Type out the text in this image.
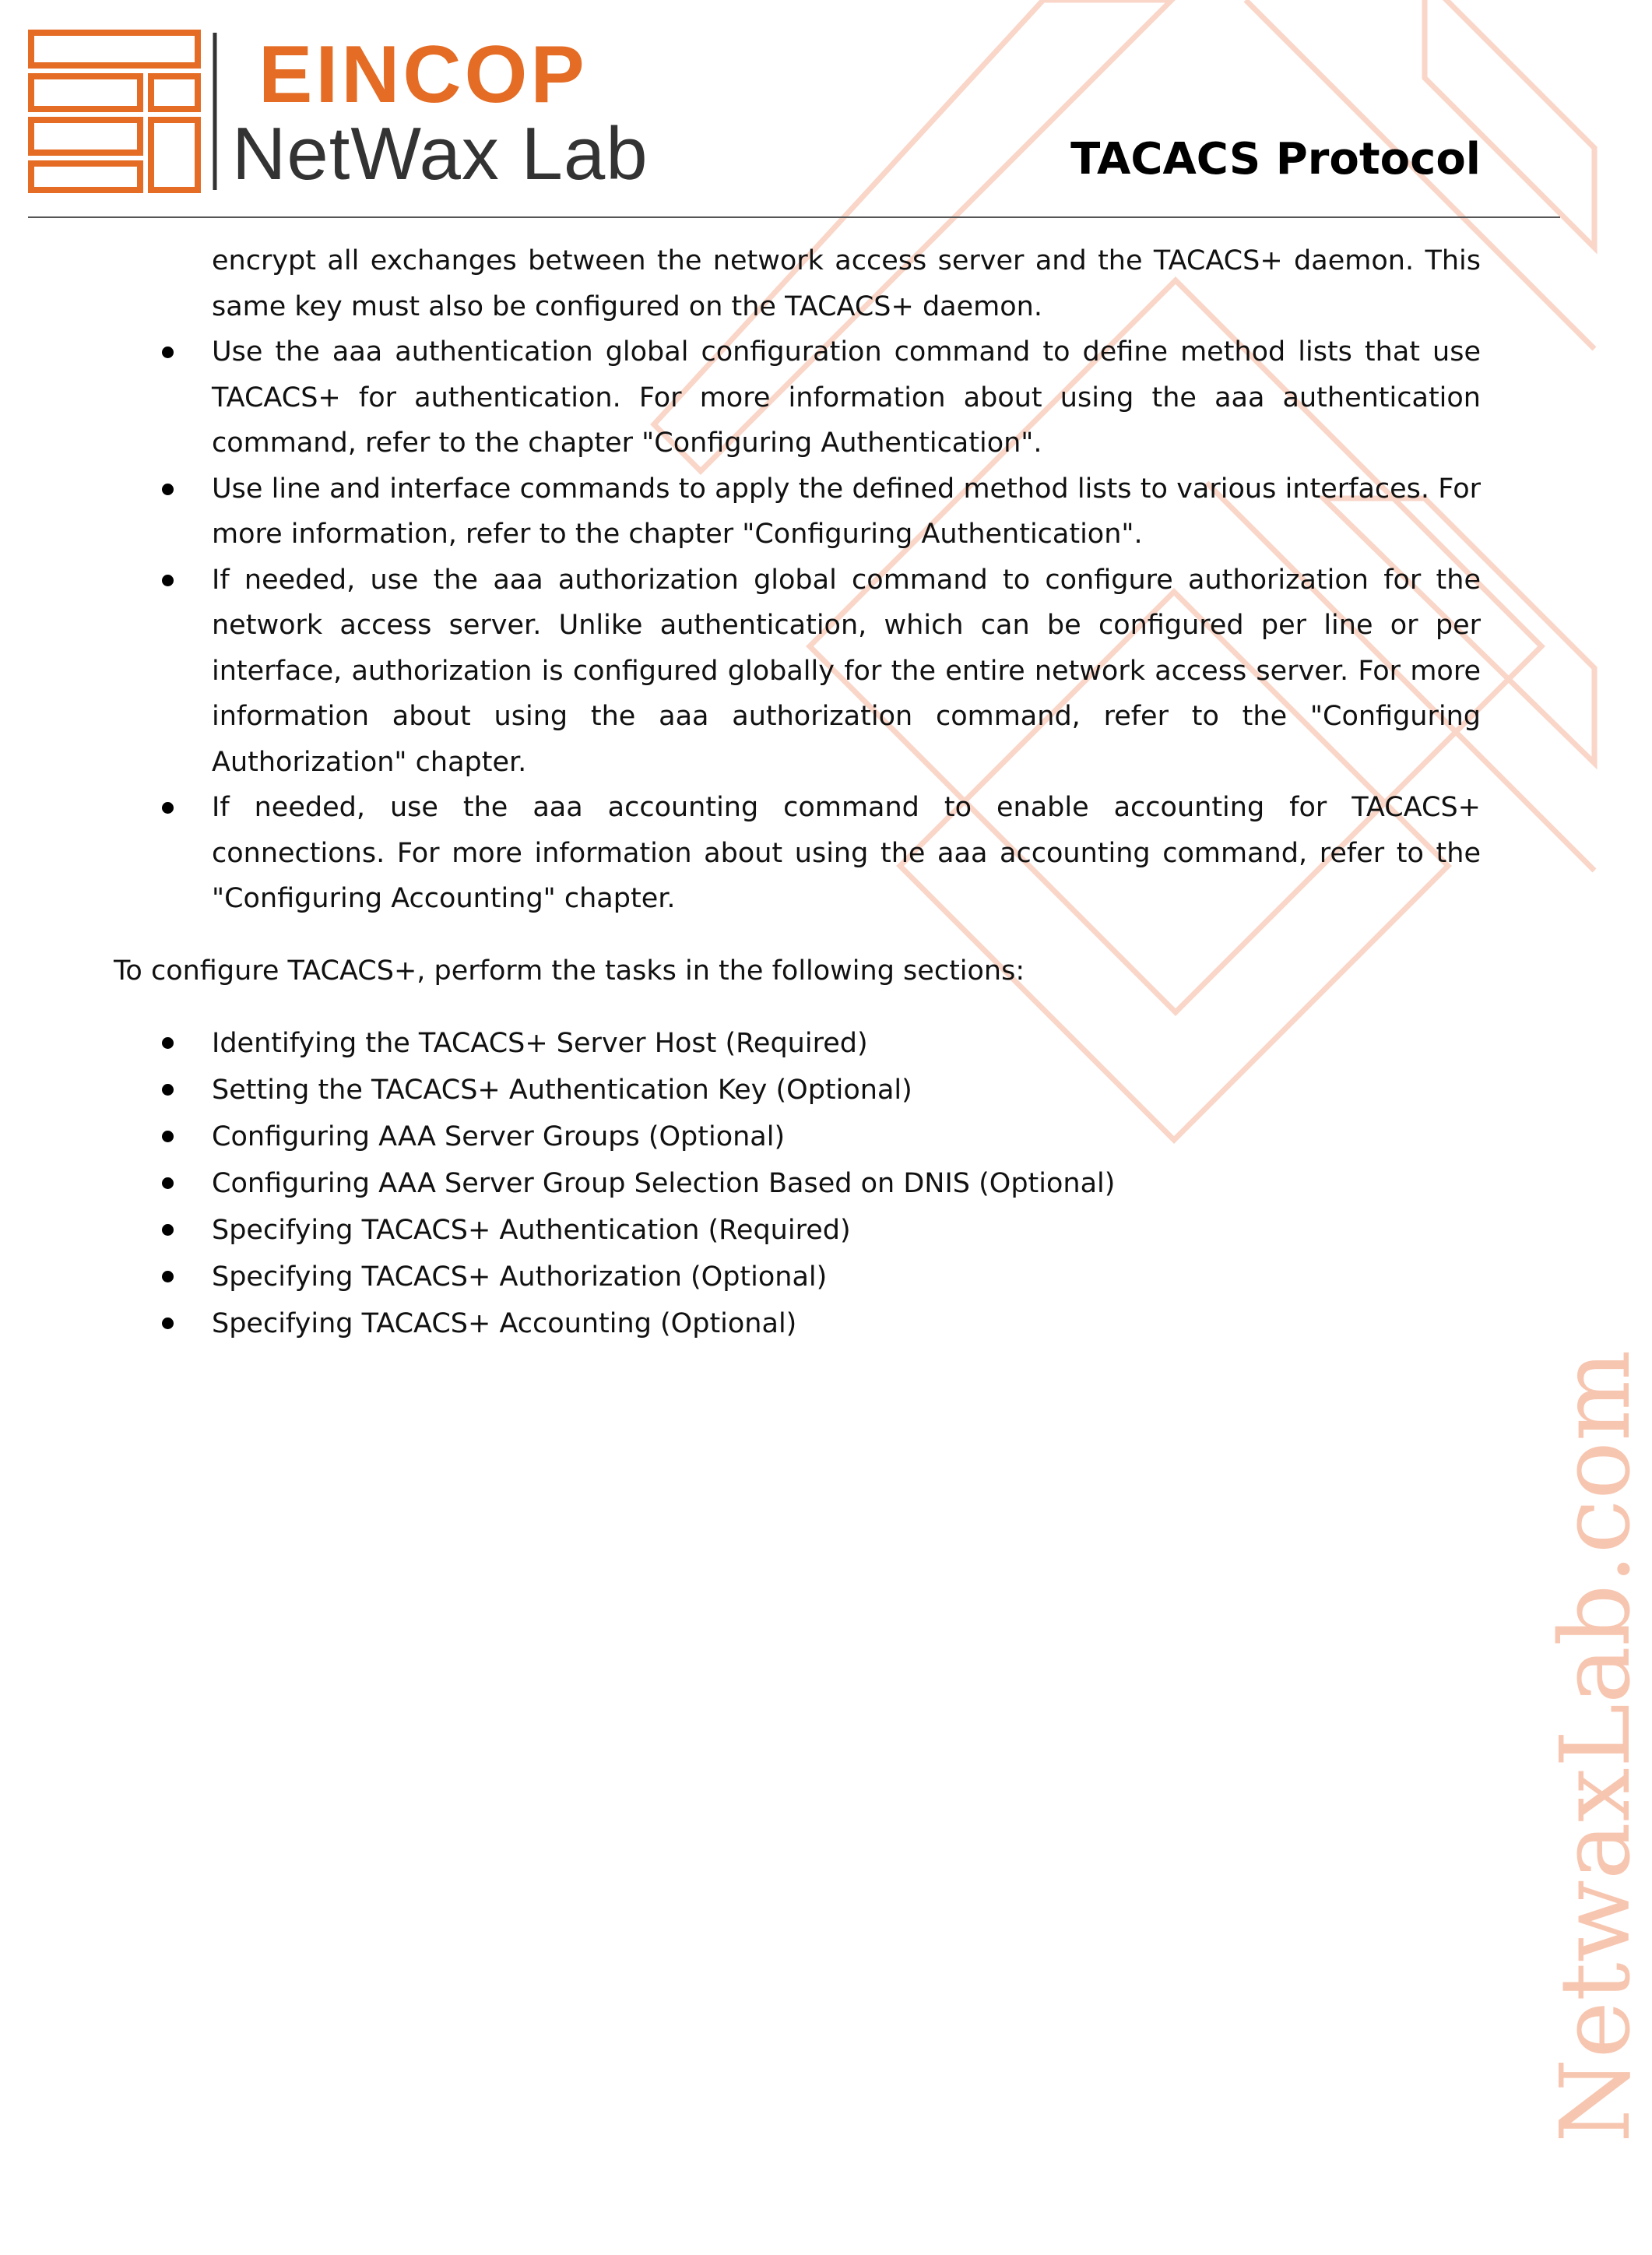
EINCOP
NetWax Lab	TACACS Protocol

encrypt all exchanges between the network access server and the TACACS+ daemon. This same key must also be configured on the TACACS+ daemon.

Use the aaa authentication global configuration command to define method lists that use TACACS+ for authentication. For more information about using the aaa authentication command, refer to the chapter "Configuring Authentication".
Use line and interface commands to apply the defined method lists to various interfaces. For more information, refer to the chapter "Configuring Authentication".
If needed, use the aaa authorization global command to configure authorization for the network access server. Unlike authentication, which can be configured per line or per interface, authorization is configured globally for the entire network access server. For more information about using the aaa authorization command, refer to the "Configuring Authorization" chapter.
If needed, use the aaa accounting command to enable accounting for TACACS+ connections. For more information about using the aaa accounting command, refer to the "Configuring Accounting" chapter.

To configure TACACS+, perform the tasks in the following sections:

Identifying the TACACS+ Server Host (Required)
Setting the TACACS+ Authentication Key (Optional)
Configuring AAA Server Groups (Optional)
Configuring AAA Server Group Selection Based on DNIS (Optional)
Specifying TACACS+ Authentication (Required)
Specifying TACACS+ Authorization (Optional)
Specifying TACACS+ Accounting (Optional)
NetwaxLab.com
